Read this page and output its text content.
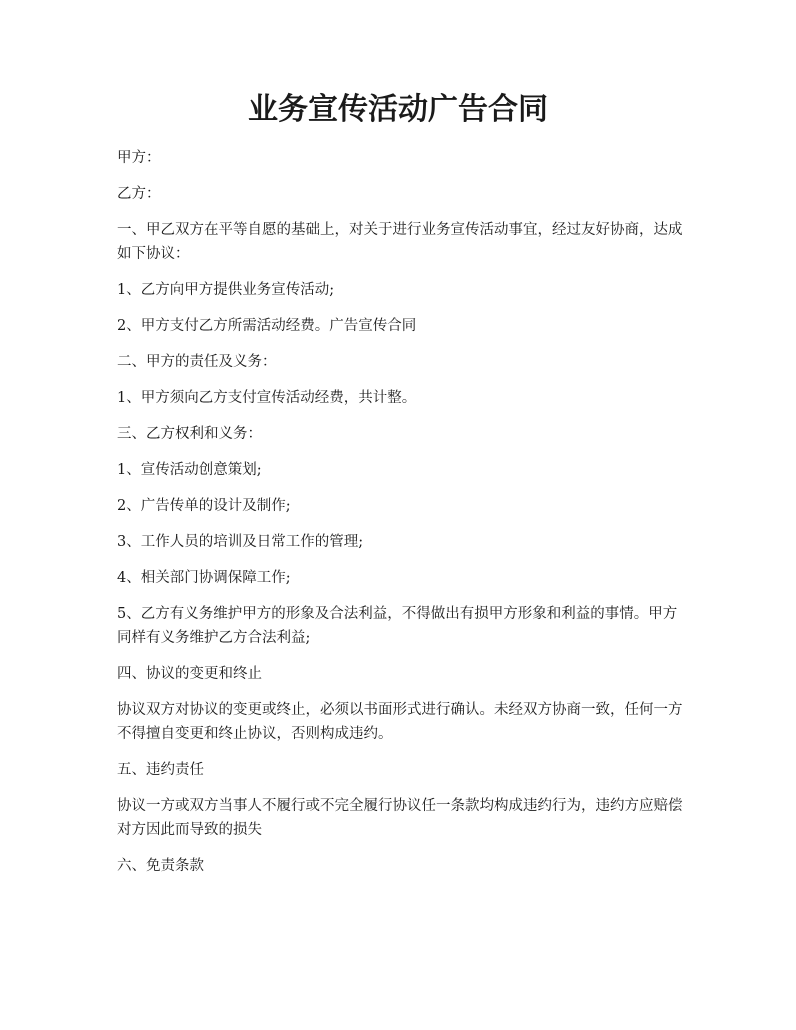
业务宣传活动广告合同

甲方：

乙方：

一、甲乙双方在平等自愿的基础上，对关于进行业务宣传活动事宜，经过友好协商，达成如下协议：

1、乙方向甲方提供业务宣传活动;

2、甲方支付乙方所需活动经费。广告宣传合同

二、甲方的责任及义务：

1、甲方须向乙方支付宣传活动经费，共计整。

三、乙方权利和义务：

1、宣传活动创意策划;

2、广告传单的设计及制作;

3、工作人员的培训及日常工作的管理;

4、相关部门协调保障工作;

5、乙方有义务维护甲方的形象及合法利益，不得做出有损甲方形象和利益的事情。甲方同样有义务维护乙方合法利益;

四、协议的变更和终止

协议双方对协议的变更或终止，必须以书面形式进行确认。未经双方协商一致，任何一方不得擅自变更和终止协议，否则构成违约。

五、违约责任

协议一方或双方当事人不履行或不完全履行协议任一条款均构成违约行为，违约方应赔偿对方因此而导致的损失

六、免责条款
